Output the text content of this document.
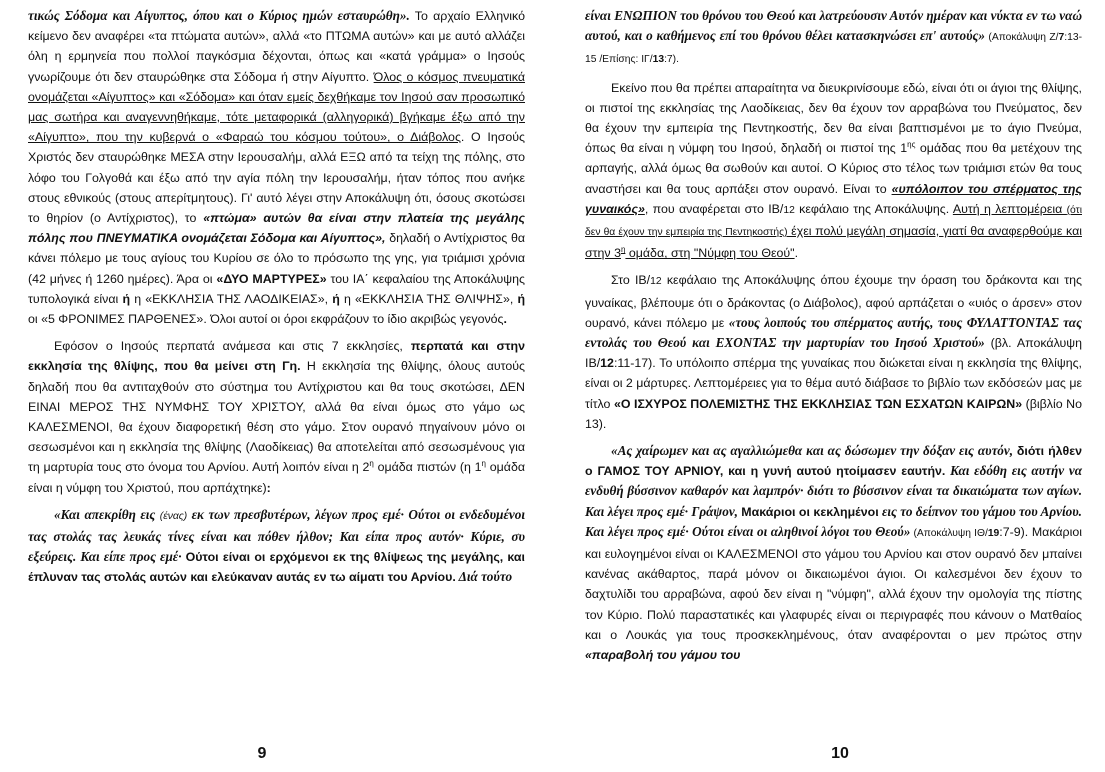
τικώς Σόδομα και Αίγυπτος, όπου και ο Κύριος ημών εσταυρώθη». Το αρχαίο Ελληνικό κείμενο δεν αναφέρει «τα πτώματα αυτών», αλλά «το ΠΤΩΜΑ αυτών» και με αυτό αλλάζει όλη η ερμηνεία που πολλοί παγκόσμια δέχονται, όπως και «κατά γράμμα» ο Ιησούς γνωρίζουμε ότι δεν σταυρώθηκε στα Σόδομα ή στην Αίγυπτο. Όλος ο κόσμος πνευματικά ονομάζεται «Αίγυπτος» και «Σόδομα» και όταν εμείς δεχθήκαμε τον Ιησού σαν προσωπικό μας σωτήρα και αναγεννηθήκαμε, τότε μεταφορικά (αλληγορικά) βγήκαμε έξω από την «Αίγυπτο», που την κυβερνά ο «Φαραώ του κόσμου τούτου», ο Διάβολος. Ο Ιησούς Χριστός δεν σταυρώθηκε ΜΕΣΑ στην Ιερουσαλήμ, αλλά ΕΞΩ από τα τείχη της πόλης, στο λόφο του Γολγοθά και έξω από την αγία πόλη την Ιερουσαλήμ, ήταν τόπος που ανήκε στους εθνικούς (στους απερίτμητους). Γι' αυτό λέγει στην Αποκάλυψη ότι, όσους σκοτώσει το θηρίον (ο Αντίχριστος), το «πτώμα» αυτών θα είναι στην πλατεία της μεγάλης πόλης που ΠΝΕΥΜΑΤΙΚΑ ονομάζεται Σόδομα και Αίγυπτος», δηλαδή ο Αντίχριστος θα κάνει πόλεμο με τους αγίους του Κυρίου σε όλο το πρόσωπο της γης, για τριάμισι χρόνια (42 μήνες ή 1260 ημέρες). Άρα οι «ΔΥΟ ΜΑΡΤΥΡΕΣ» του ΙΑ΄ κεφαλαίου της Αποκάλυψης τυπολογικά είναι ή η «ΕΚΚΛΗΣΙΑ ΤΗΣ ΛΑΟΔΙΚΕΙΑΣ», ή η «ΕΚΚΛΗΣΙΑ ΤΗΣ ΘΛΙΨΗΣ», ή οι «5 ΦΡΟΝΙΜΕΣ ΠΑΡΘΕΝΕΣ». Όλοι αυτοί οι όροι εκφράζουν το ίδιο ακριβώς γεγονός.

Εφόσον ο Ιησούς περπατά ανάμεσα και στις 7 εκκλησίες, περπατά και στην εκκλησία της θλίψης, που θα μείνει στη Γη. Η εκκλησία της θλίψης, όλους αυτούς δηλαδή που θα αντιταχθούν στο σύστημα του Αντίχριστου και θα τους σκοτώσει, ΔΕΝ ΕΙΝΑΙ ΜΕΡΟΣ ΤΗΣ ΝΥΜΦΗΣ ΤΟΥ ΧΡΙΣΤΟΥ, αλλά θα είναι όμως στο γάμο ως ΚΑΛΕΣΜΕΝΟΙ, θα έχουν διαφορετική θέση στο γάμο. Στον ουρανό πηγαίνουν μόνο οι σεσωσμένοι και η εκκλησία της θλίψης (Λαοδίκειας) θα αποτελείται από σεσωσμένους για τη μαρτυρία τους στο όνομα του Αρνίου. Αυτή λοιπόν είναι η $2^\eta$ ομάδα πιστών (η $1^\eta$ ομάδα είναι η νύμφη του Χριστού, που αρπάχτηκε):

«Και απεκρίθη εις (ένας) εκ των πρεσβυτέρων, λέγων προς εμέ· Ούτοι οι ενδεδυμένοι τας στολάς τας λευκάς τίνες είναι και πόθεν ήλθον; Και είπα προς αυτόν· Κύριε, συ εξεύρεις. Και είπε προς εμέ· Ούτοι είναι οι ερχόμενοι εκ της θλίψεως της μεγάλης, και έπλυναν τας στολάς αυτών και ελεύκαναν αυτάς εν τω αίματι του Αρνίου. Διά τούτο

είναι ΕΝΩΠΙΟΝ του θρόνου του Θεού και λατρεύουσιν Αυτόν ημέραν και νύκτα εν τω ναώ αυτού, και ο καθήμενος επί του θρόνου θέλει κατασκηνώσει επ' αυτούς» (Αποκάλυψη Ζ/7:13-15 /Επίσης: ΙΓ/13:7).

Εκείνο που θα πρέπει απαραίτητα να διευκρινίσουμε εδώ, είναι ότι οι άγιοι της θλίψης, οι πιστοί της εκκλησίας της Λαοδίκειας, δεν θα έχουν τον αρραβώνα του Πνεύματος, δεν θα έχουν την εμπειρία της Πεντηκοστής, δεν θα είναι βαπτισμένοι με το άγιο Πνεύμα, όπως θα είναι η νύμφη του Ιησού, δηλαδή οι πιστοί της $1^{\eta\varsigma}$ ομάδας που θα μετέχουν της αρπαγής, αλλά όμως θα σωθούν και αυτοί. Ο Κύριος στο τέλος των τριάμισι ετών θα τους αναστήσει και θα τους αρπάξει στον ουρανό. Είναι το «υπόλοιπον του σπέρματος της γυναικός», που αναφέρεται στο ΙΒ/12 κεφάλαιο της Αποκάλυψης. Αυτή η λεπτομέρεια (ότι δεν θα έχουν την εμπειρία της Πεντηκοστής) έχει πολύ μεγάλη σημασία, γιατί θα αναφερθούμε και στην $3^\eta$ ομάδα, στη "Νύμφη του Θεού".

Στο ΙΒ/12 κεφάλαιο της Αποκάλυψης όπου έχουμε την όραση του δράκοντα και της γυναίκας, βλέπουμε ότι ο δράκοντας (ο Διάβολος), αφού αρπάζεται ο «υιός ο άρσεν» στον ουρανό, κάνει πόλεμο με «τους λοιπούς του σπέρματος αυτής, τους ΦΥΛΑΤΤΟΝΤΑΣ τας εντολάς του Θεού και ΕΧΟΝΤΑΣ την μαρτυρίαν του Ιησού Χριστού» (βλ. Αποκάλυψη ΙΒ/12:11-17). Το υπόλοιπο σπέρμα της γυναίκας που διώκεται είναι η εκκλησία της θλίψης, είναι οι 2 μάρτυρες. Λεπτομέρειες για το θέμα αυτό διάβασε το βιβλίο των εκδόσεών μας με τίτλο «Ο ΙΣΧΥΡΟΣ ΠΟΛΕΜΙΣΤΗΣ ΤΗΣ ΕΚΚΛΗΣΙΑΣ ΤΩΝ ΕΣΧΑΤΩΝ ΚΑΙΡΩΝ» (βιβλίο Νο 13).

«Ας χαίρωμεν και ας αγαλλιώμεθα και ας δώσωμεν την δόξαν εις αυτόν, διότι ήλθεν ο ΓΑΜΟΣ ΤΟΥ ΑΡΝΙΟΥ, και η γυνή αυτού ητοίμασεν εαυτήν. Και εδόθη εις αυτήν να ενδυθή βύσσινον καθαρόν και λαμπρόν· διότι το βύσσινον είναι τα δικαιώματα των αγίων. Και λέγει προς εμέ· Γράψον, Μακάριοι οι κεκλημένοι εις το δείπνον του γάμου του Αρνίου. Και λέγει προς εμέ· Ούτοι είναι οι αληθινοί λόγοι του Θεού» (Αποκάλυψη ΙΘ/19:7-9). Μακάριοι και ευλογημένοι είναι οι ΚΑΛΕΣΜΕΝΟΙ στο γάμου του Αρνίου και στον ουρανό δεν μπαίνει κανένας ακάθαρτος, παρά μόνον οι δικαιωμένοι άγιοι. Οι καλεσμένοι δεν έχουν το δαχτυλίδι του αρραβώνα, αφού δεν είναι η "νύμφη", αλλά έχουν την ομολογία της πίστης τον Κύριο. Πολύ παραστατικές και γλαφυρές είναι οι περιγραφές που κάνουν ο Ματθαίος και ο Λουκάς για τους προσκεκλημένους, όταν αναφέρονται ο μεν πρώτος στην «παραβολή του γάμου του

9	10
